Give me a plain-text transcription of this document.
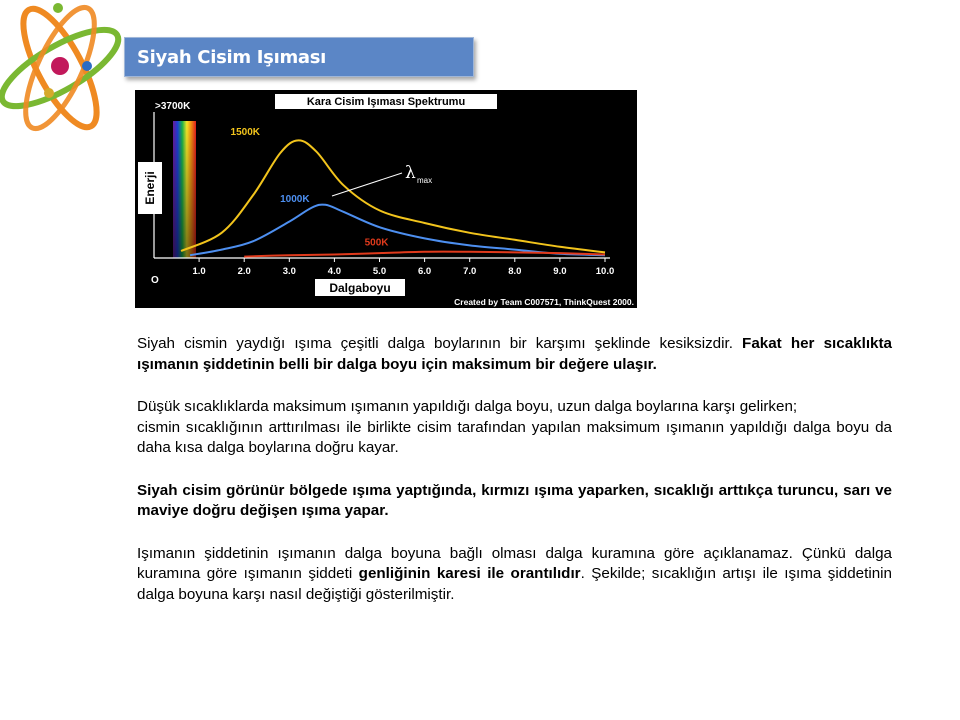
Siyah Cisim Işıması
>3700K	Kara Cisim Işıması Spektrumu
Enerji
O
1.0	2.0	3.0	4.0	5.0	6.0	7.0	8.0	9.0	10.0
Dalgaboyu
1500K
1000K
500K
λ max
Created by Team C007571, ThinkQuest 2000.

Siyah cismin yaydığı ışıma çeşitli dalga boylarının bir karşımı şeklinde kesiksizdir. Fakat her sıcaklıkta ışımanın şiddetinin belli bir dalga boyu için maksimum bir değere ulaşır.

Düşük sıcaklıklarda maksimum ışımanın yapıldığı dalga boyu, uzun dalga boylarına karşı gelirken;
cismin sıcaklığının arttırılması ile birlikte cisim tarafından yapılan maksimum ışımanın yapıldığı dalga boyu da daha kısa dalga boylarına doğru kayar.

Siyah cisim görünür bölgede ışıma yaptığında, kırmızı ışıma yaparken, sıcaklığı arttıkça turuncu, sarı ve maviye doğru değişen ışıma yapar.

Işımanın şiddetinin ışımanın dalga boyuna bağlı olması dalga kuramına göre açıklanamaz. Çünkü dalga kuramına göre ışımanın şiddeti genliğinin karesi ile orantılıdır. Şekilde; sıcaklığın artışı ile ışıma şiddetinin dalga boyuna karşı nasıl değiştiği gösterilmiştir.
